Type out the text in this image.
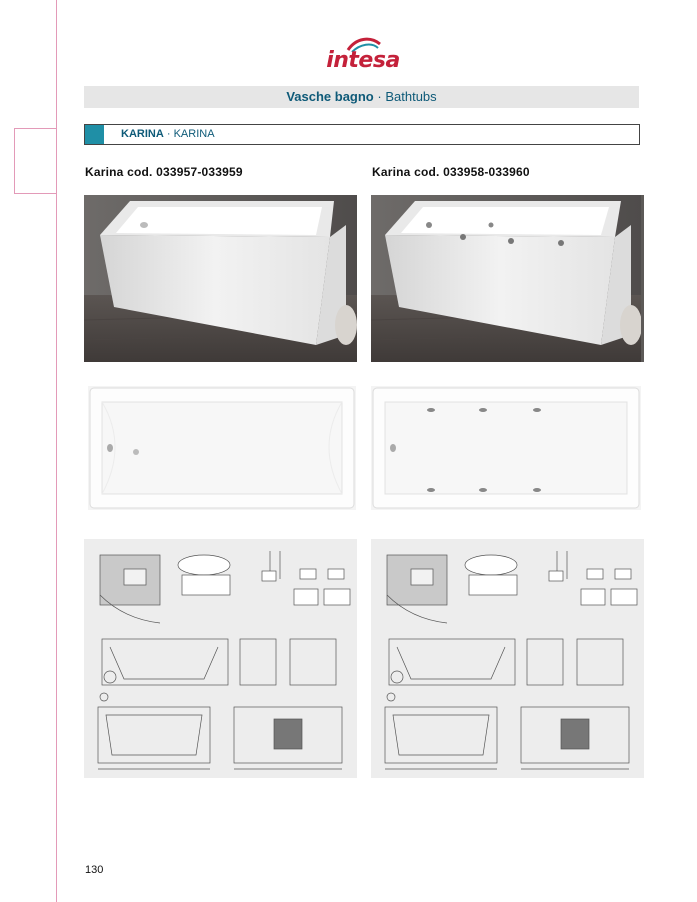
intesa
Vasche bagno · Bathtubs
KARINA · KARINA
Karina cod. 033957-033959	Karina cod. 033958-033960
130
